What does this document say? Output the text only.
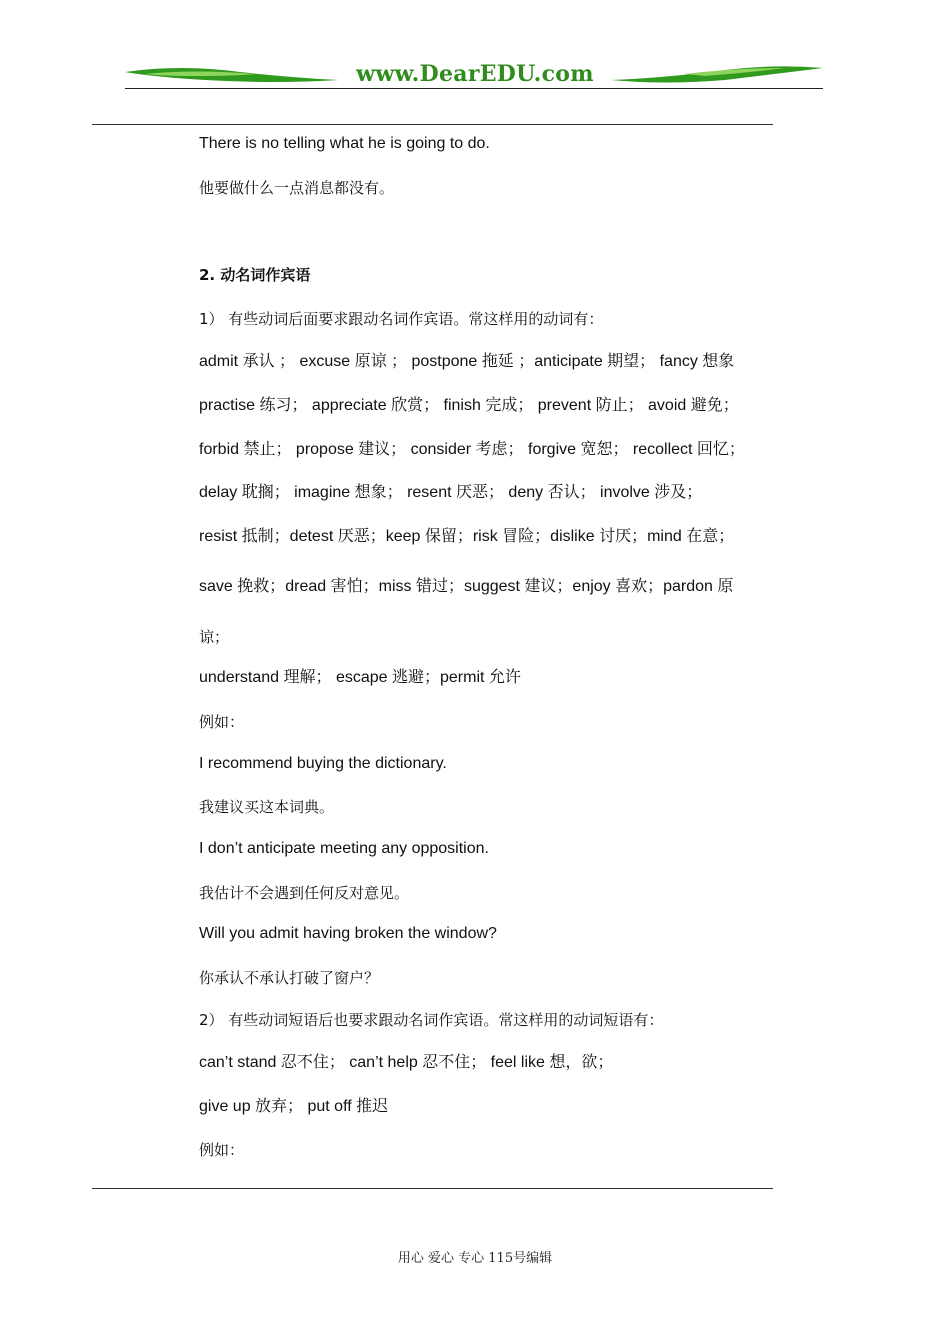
www.DearEDU.com
There is no telling what he is going to do.
他要做什么一点消息都没有。
2. 动名词作宾语
1） 有些动词后面要求跟动名词作宾语。常这样用的动词有：
admit 承认 ； excuse 原谅 ； postpone 拖延 ；anticipate 期望； fancy 想象
practise 练习； appreciate 欣赏； finish 完成； prevent 防止； avoid 避免；
forbid 禁止； propose 建议； consider 考虑； forgive 宽恕； recollect 回忆；
delay 耽搁； imagine 想象； resent 厌恶； deny 否认； involve 涉及；
resist 抵制；detest 厌恶；keep 保留；risk 冒险；dislike 讨厌；mind 在意；
save 挽救；dread 害怕；miss 错过；suggest 建议；enjoy 喜欢；pardon 原
谅；
understand 理解； escape 逃避；permit 允许
例如：
I recommend buying the dictionary.
我建议买这本词典。
I don’t anticipate meeting any opposition.
我估计不会遇到任何反对意见。
Will you admit having broken the window?
你承认不承认打破了窗户？
2） 有些动词短语后也要求跟动名词作宾语。常这样用的动词短语有：
can’t stand 忍不住； can’t help 忍不住； feel like 想，欲；
give up 放弃； put off 推迟
例如：
用心 爱心 专心 115号编辑
